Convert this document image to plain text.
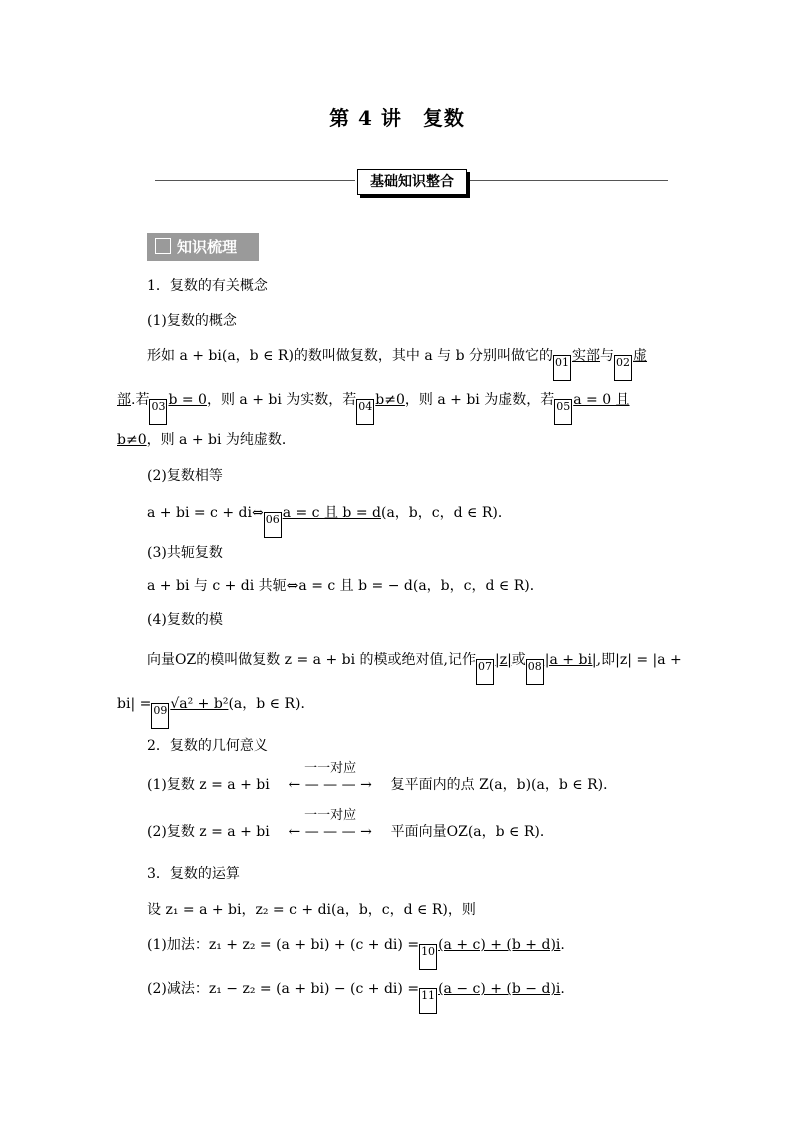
第 4 讲　复数
基础知识整合
知识梳理
1．复数的有关概念
(1)复数的概念
形如 a + bi(a，b ∈ R)的数叫做复数，其中 a 与 b 分别叫做它的 01 实部与 02 虚
部.若 03 b = 0，则 a + bi 为实数，若 04 b≠0，则 a + bi 为虚数，若 05 a = 0 且
b≠0，则 a + bi 为纯虚数．
(2)复数相等
a + bi = c + di⇔ 06 a = c 且 b = d(a，b，c，d ∈ R)．
(3)共轭复数
a + bi 与 c + di 共轭⇔a = c 且 b = − d(a，b，c，d ∈ R)．
(4)复数的模
向量OZ的模叫做复数 z = a + bi 的模或绝对值,记作 07 |z|或 08 |a + bi|,即|z| = |a +
bi| = 09 √a² + b²(a，b ∈ R)．
2．复数的几何意义
(1)复数 z = a + bi
一一对应
← — — — → 复平面内的点 Z(a，b)(a，b ∈ R)．
(2)复数 z = a + bi
一一对应
← — — — → 平面向量OZ(a，b ∈ R)．
3．复数的运算
设 z₁ = a + bi，z₂ = c + di(a，b，c，d ∈ R)，则
(1)加法：z₁ + z₂ = (a + bi) + (c + di) = 10 (a + c) + (b + d)i.
(2)减法：z₁ − z₂ = (a + bi) − (c + di) = 11 (a − c) + (b − d)i.
